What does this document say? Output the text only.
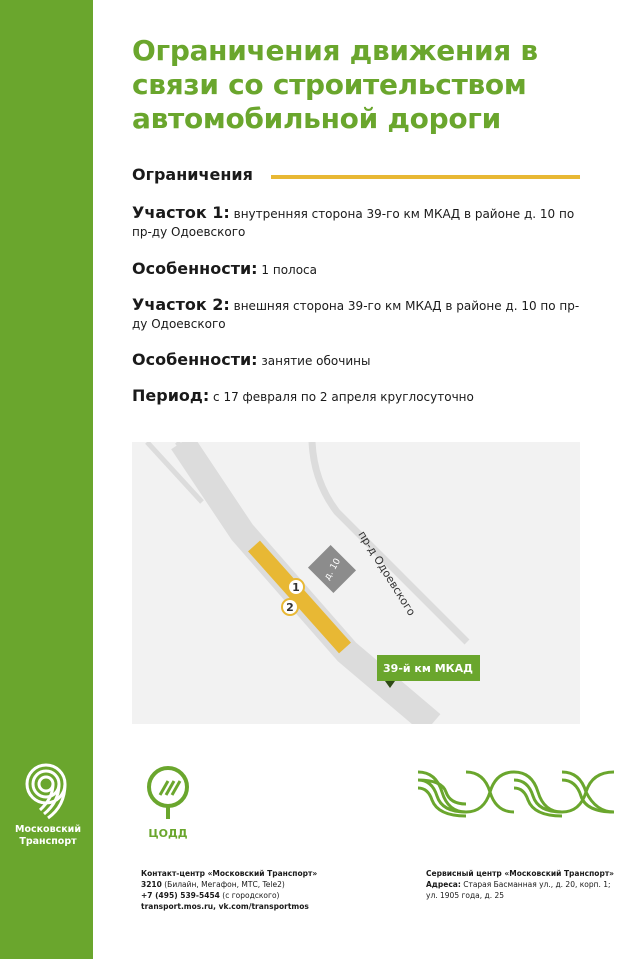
Московский
Транспорт
Ограничения движения в связи со строительством автомобильной дороги
Ограничения
Участок 1: внутренняя сторона 39-го км МКАД в районе д. 10 по пр-ду Одоевского
Особенности: 1 полоса
Участок 2: внешняя сторона 39-го км МКАД в районе д. 10 по пр-ду Одоевского
Особенности: занятие обочины
Период: с 17 февраля по 2 апреля круглосуточно
д. 10 пр-д Одоевского
1
2
39-й км МКАД
ЦОДД
Контакт-центр «Московский Транспорт»
3210 (Билайн, Мегафон, МТС, Tele2)
+7 (495) 539-5454 (с городского)
transport.mos.ru, vk.com/transportmos
Сервисный центр «Московский Транспорт»
Адреса: Старая Басманная ул., д. 20, корп. 1; ул. 1905 года, д. 25
